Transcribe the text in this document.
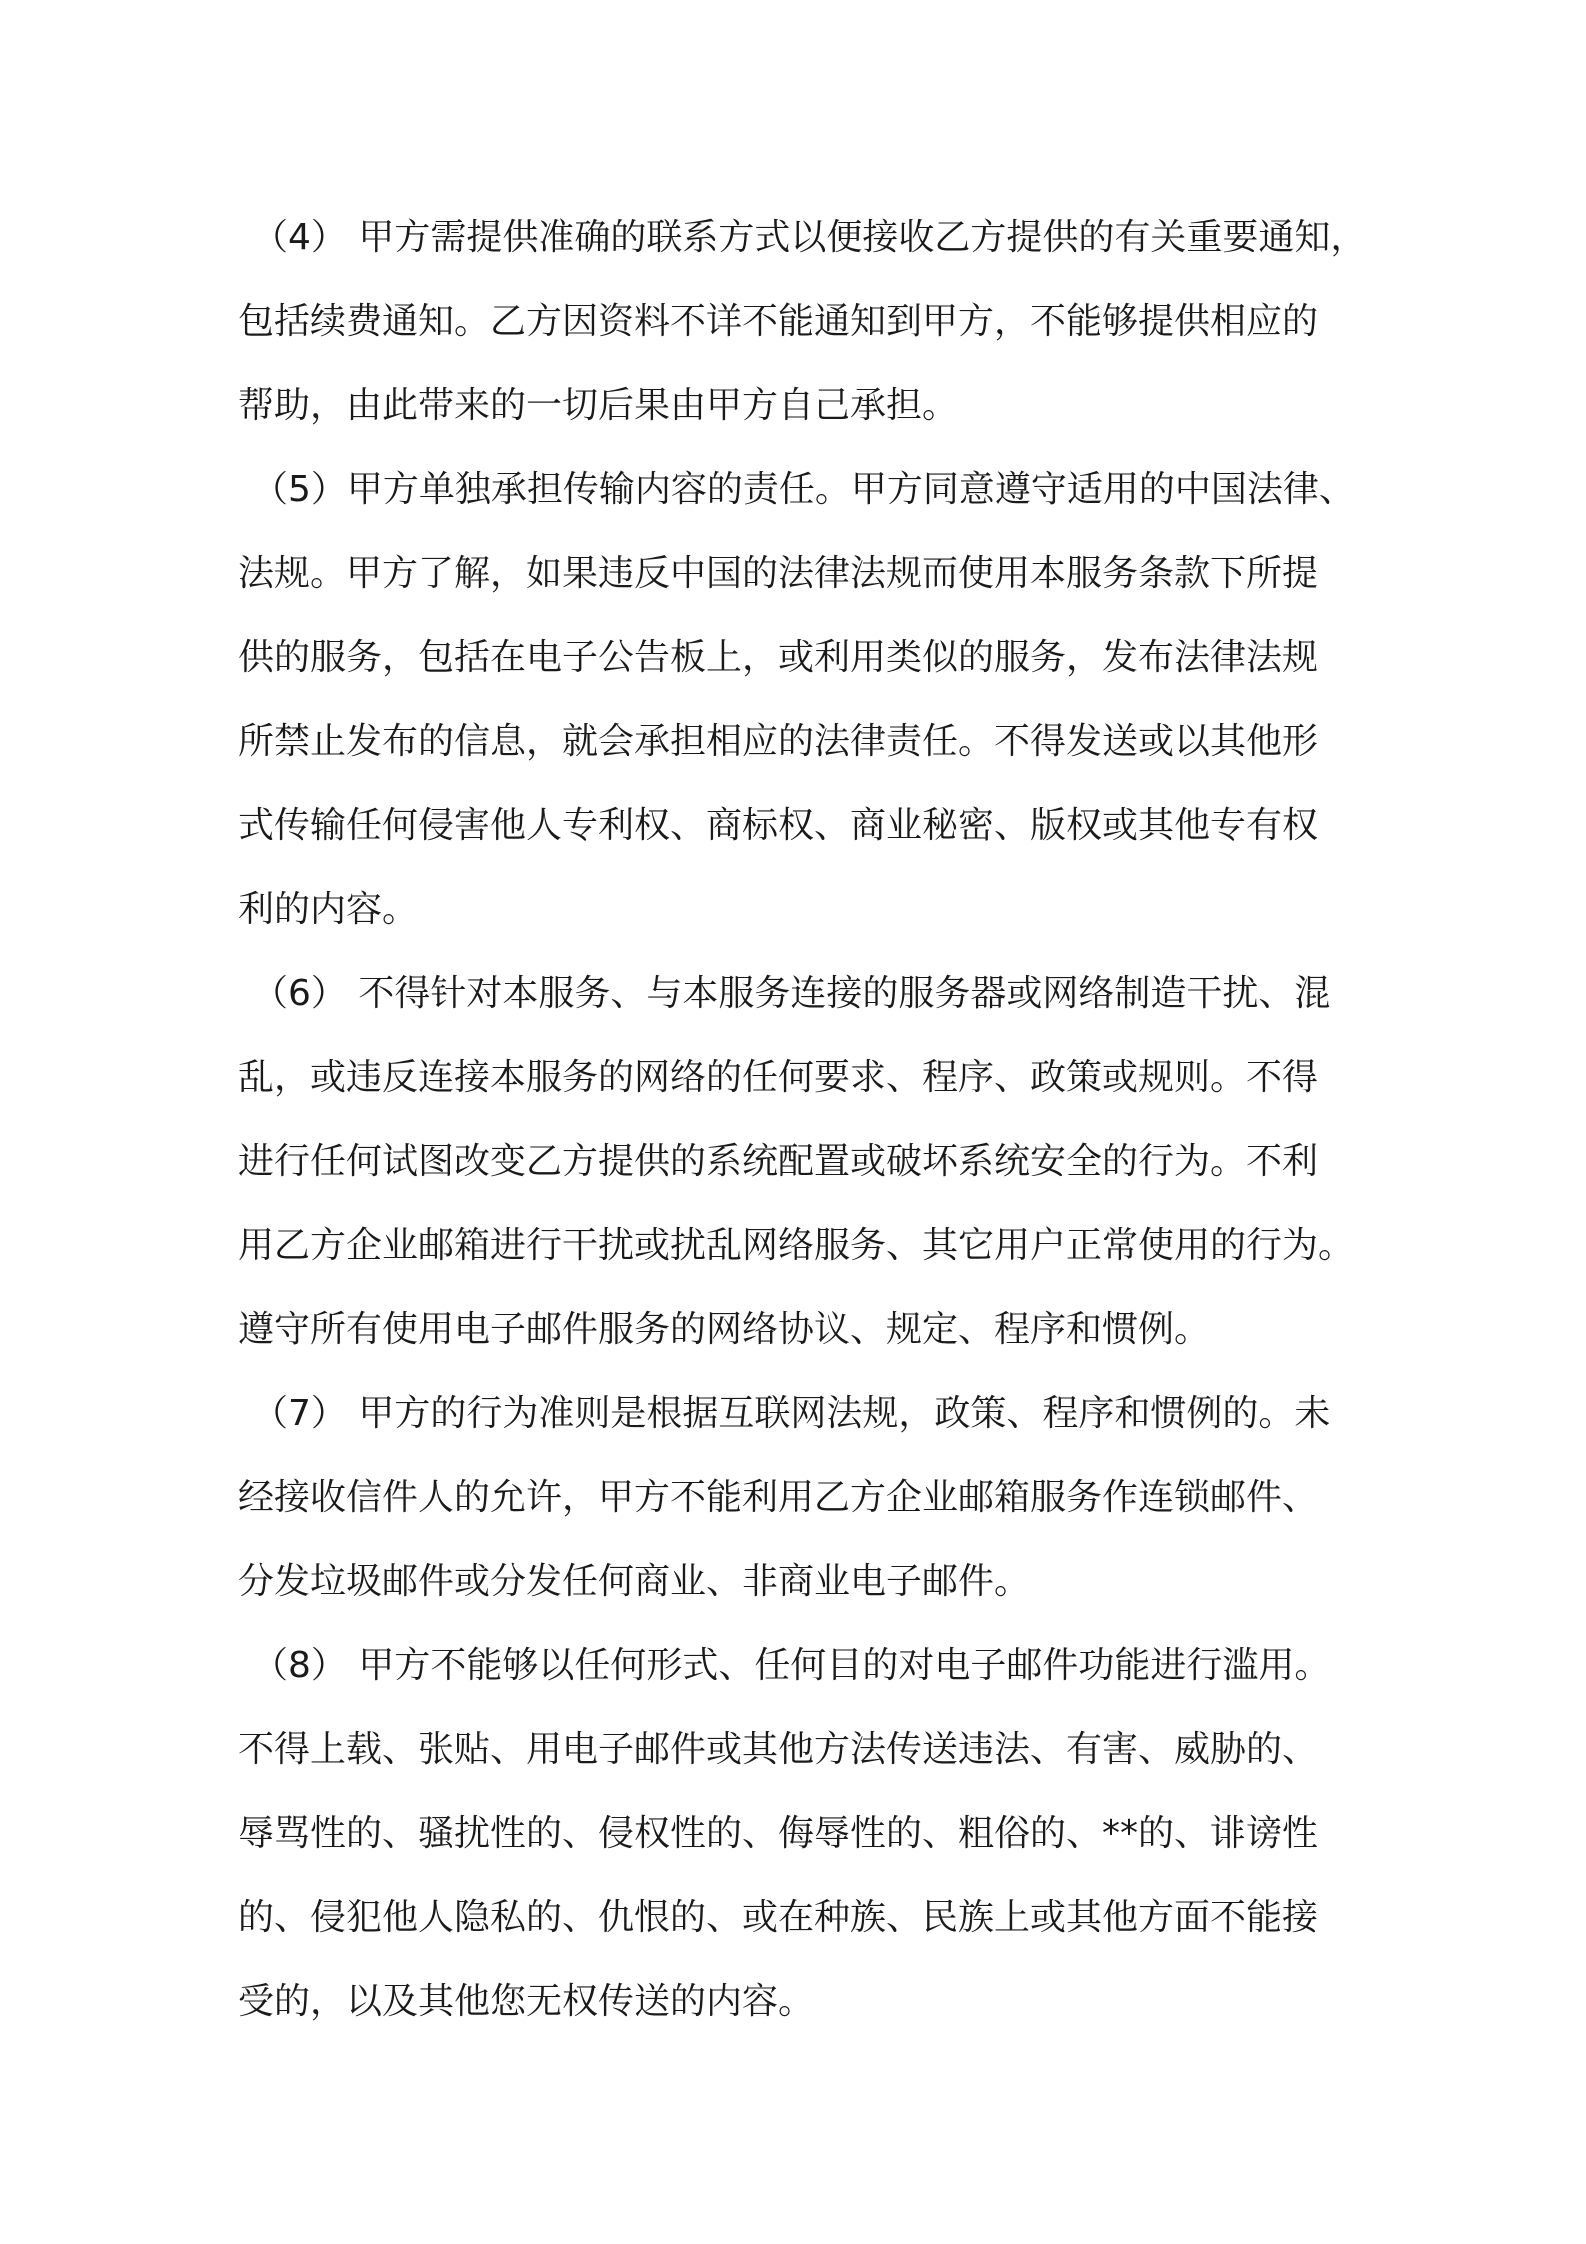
（4） 甲方需提供准确的联系方式以便接收乙方提供的有关重要通知，
包括续费通知。乙方因资料不详不能通知到甲方，不能够提供相应的
帮助，由此带来的一切后果由甲方自己承担。
（5）甲方单独承担传输内容的责任。甲方同意遵守适用的中国法律、
法规。甲方了解，如果违反中国的法律法规而使用本服务条款下所提
供的服务，包括在电子公告板上，或利用类似的服务，发布法律法规
所禁止发布的信息，就会承担相应的法律责任。不得发送或以其他形
式传输任何侵害他人专利权、商标权、商业秘密、版权或其他专有权
利的内容。
（6） 不得针对本服务、与本服务连接的服务器或网络制造干扰、混
乱，或违反连接本服务的网络的任何要求、程序、政策或规则。不得
进行任何试图改变乙方提供的系统配置或破坏系统安全的行为。不利
用乙方企业邮箱进行干扰或扰乱网络服务、其它用户正常使用的行为。
遵守所有使用电子邮件服务的网络协议、规定、程序和惯例。
（7） 甲方的行为准则是根据互联网法规，政策、程序和惯例的。未
经接收信件人的允许，甲方不能利用乙方企业邮箱服务作连锁邮件、
分发垃圾邮件或分发任何商业、非商业电子邮件。
（8） 甲方不能够以任何形式、任何目的对电子邮件功能进行滥用。
不得上载、张贴、用电子邮件或其他方法传送违法、有害、威胁的、
辱骂性的、骚扰性的、侵权性的、侮辱性的、粗俗的、**的、诽谤性
的、侵犯他人隐私的、仇恨的、或在种族、民族上或其他方面不能接
受的，以及其他您无权传送的内容。
